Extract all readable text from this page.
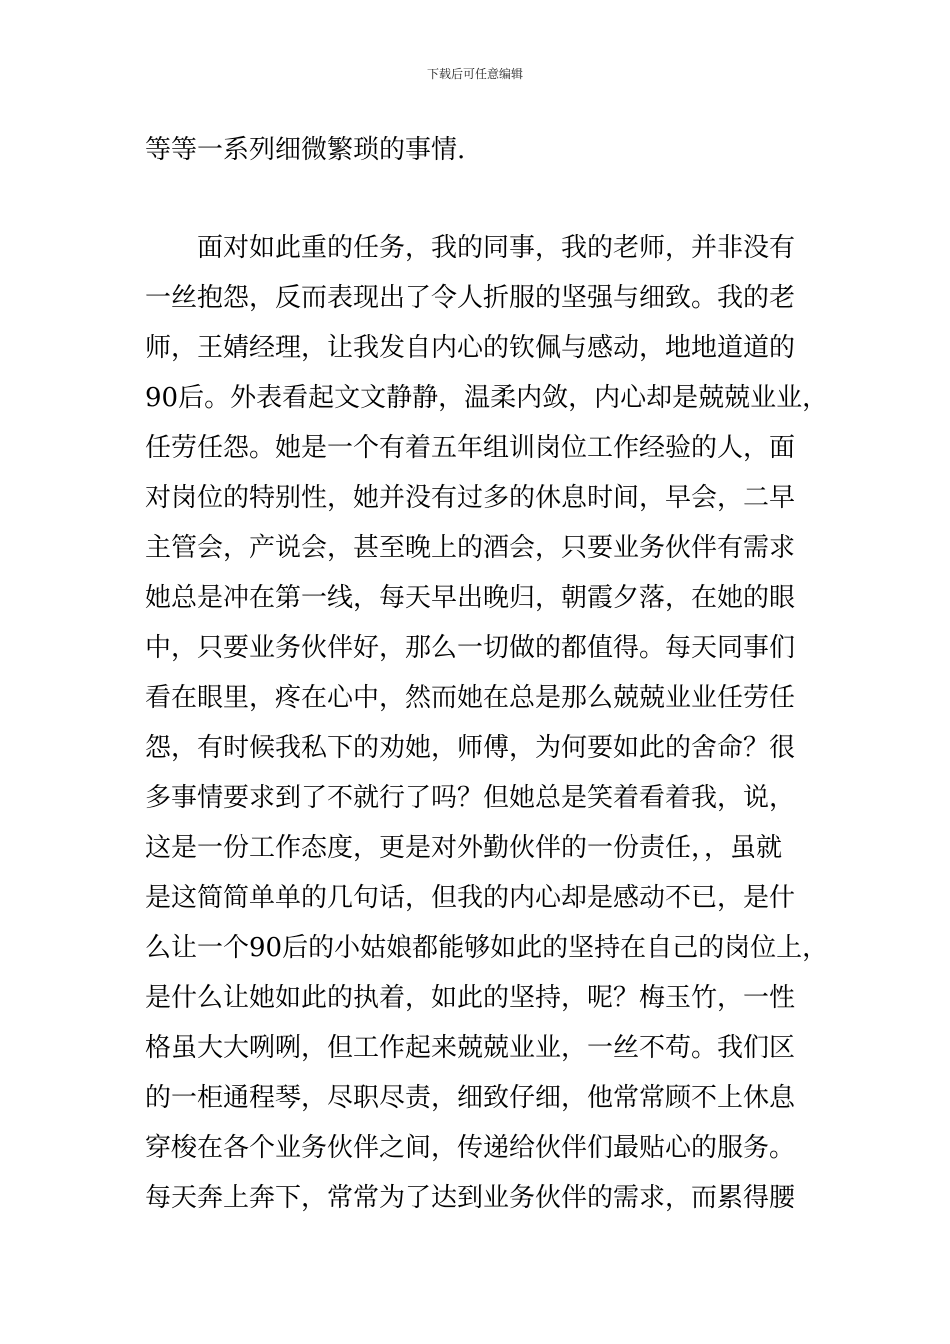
下载后可任意编辑
等等一系列细微繁琐的事情.
　　面对如此重的任务，我的同事，我的老师，并非没有
一丝抱怨，反而表现出了令人折服的坚强与细致。我的老
师，王婧经理，让我发自内心的钦佩与感动，地地道道的
90后。外表看起文文静静，温柔内敛，内心却是兢兢业业，
任劳任怨。她是一个有着五年组训岗位工作经验的人，面
对岗位的特别性，她并没有过多的休息时间，早会，二早
主管会，产说会，甚至晚上的酒会，只要业务伙伴有需求
她总是冲在第一线，每天早出晚归，朝霞夕落，在她的眼
中，只要业务伙伴好，那么一切做的都值得。每天同事们
看在眼里，疼在心中，然而她在总是那么兢兢业业任劳任
怨，有时候我私下的劝她，师傅，为何要如此的舍命？很
多事情要求到了不就行了吗？但她总是笑着看着我，说，
这是一份工作态度，更是对外勤伙伴的一份责任，，虽就
是这简简单单的几句话，但我的内心却是感动不已，是什
么让一个90后的小姑娘都能够如此的坚持在自己的岗位上，
是什么让她如此的执着，如此的坚持，呢？梅玉竹，一性
格虽大大咧咧，但工作起来兢兢业业，一丝不苟。我们区
的一柜通程琴，尽职尽责，细致仔细，他常常顾不上休息
穿梭在各个业务伙伴之间，传递给伙伴们最贴心的服务。
每天奔上奔下，常常为了达到业务伙伴的需求，而累得腰
